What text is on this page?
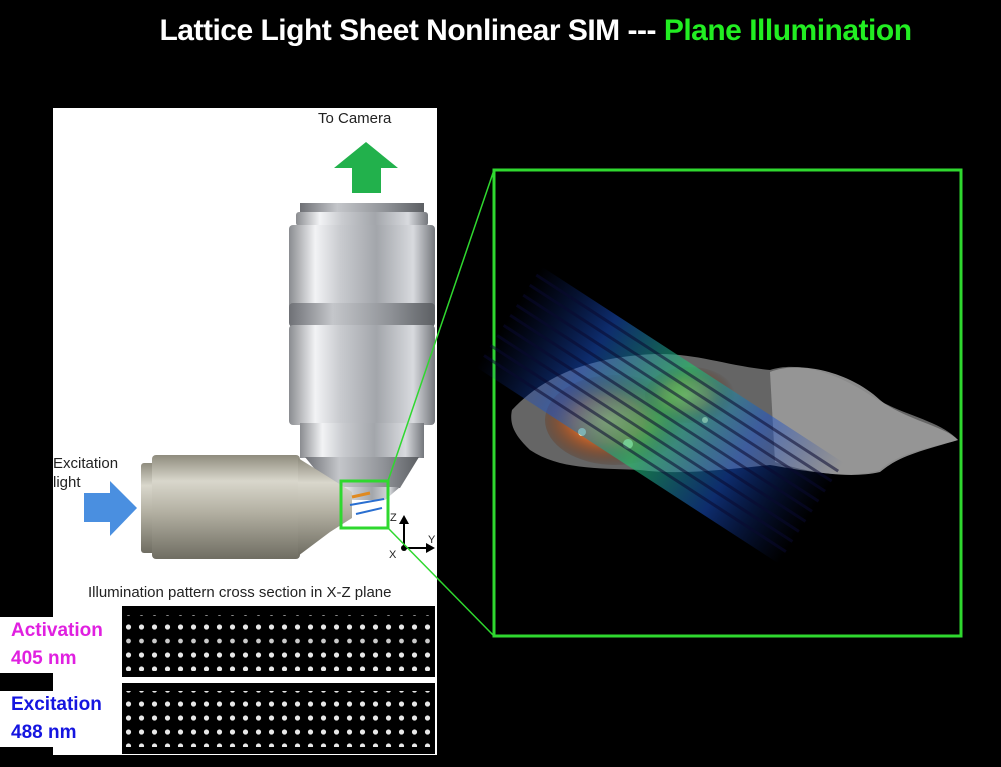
Lattice Light Sheet Nonlinear SIM --- Plane Illumination
To Camera
Excitation
light
Z
Y
X
Illumination pattern cross section in X-Z plane
Activation
405 nm
Excitation
488 nm
